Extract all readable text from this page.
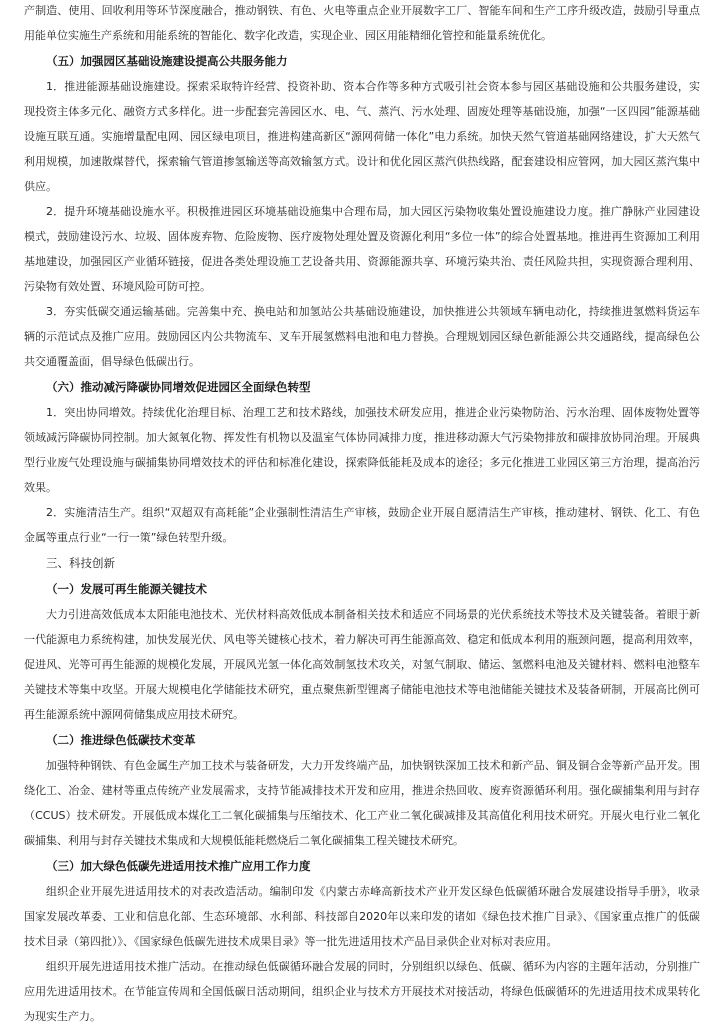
产制造、使用、回收利用等环节深度融合，推动钢铁、有色、火电等重点企业开展数字工厂、智能车间和生产工序升级改造，鼓励引导重点用能单位实施生产系统和用能系统的智能化、数字化改造，实现企业、园区用能精细化管控和能量系统优化。

（五）加强园区基础设施建设提高公共服务能力

1．推进能源基础设施建设。探索采取特许经营、投资补助、资本合作等多种方式吸引社会资本参与园区基础设施和公共服务建设，实现投资主体多元化、融资方式多样化。进一步配套完善园区水、电、气、蒸汽、污水处理、固废处理等基础设施，加强“一区四园”能源基础设施互联互通。实施增量配电网、园区绿电项目，推进构建高新区“源网荷储一体化”电力系统。加快天然气管道基础网络建设，扩大天然气利用规模，加速散煤替代，探索输气管道掺氢输送等高效输氢方式。设计和优化园区蒸汽供热线路，配套建设相应管网，加大园区蒸汽集中供应。

2．提升环境基础设施水平。积极推进园区环境基础设施集中合理布局，加大园区污染物收集处置设施建设力度。推广静脉产业园建设模式，鼓励建设污水、垃圾、固体废弃物、危险废物、医疗废物处理处置及资源化利用“多位一体”的综合处置基地。推进再生资源加工利用基地建设，加强园区产业循环链接，促进各类处理设施工艺设备共用、资源能源共享、环境污染共治、责任风险共担，实现资源合理利用、污染物有效处置、环境风险可防可控。

3．夯实低碳交通运输基础。完善集中充、换电站和加氢站公共基础设施建设，加快推进公共领域车辆电动化，持续推进氢燃料货运车辆的示范试点及推广应用。鼓励园区内公共物流车、叉车开展氢燃料电池和电力替换。合理规划园区绿色新能源公共交通路线，提高绿色公共交通覆盖面，倡导绿色低碳出行。

（六）推动减污降碳协同增效促进园区全面绿色转型

1．突出协同增效。持续优化治理目标、治理工艺和技术路线，加强技术研发应用，推进企业污染物防治、污水治理、固体废物处置等领域减污降碳协同控制。加大氮氧化物、挥发性有机物以及温室气体协同减排力度，推进移动源大气污染物排放和碳排放协同治理。开展典型行业废气处理设施与碳捕集协同增效技术的评估和标准化建设，探索降低能耗及成本的途径；多元化推进工业园区第三方治理，提高治污效果。

2．实施清洁生产。组织“双超双有高耗能”企业强制性清洁生产审核，鼓励企业开展自愿清洁生产审核，推动建材、钢铁、化工、有色金属等重点行业“一行一策”绿色转型升级。

三、科技创新

（一）发展可再生能源关键技术

大力引进高效低成本太阳能电池技术、光伏材料高效低成本制备相关技术和适应不同场景的光伏系统技术等技术及关键装备。着眼于新一代能源电力系统构建，加快发展光伏、风电等关键核心技术，着力解决可再生能源高效、稳定和低成本利用的瓶颈问题，提高利用效率，促进风、光等可再生能源的规模化发展，开展风光氢一体化高效制氢技术攻关，对氢气制取、储运、氢燃料电池及关键材料、燃料电池整车关键技术等集中攻坚。开展大规模电化学储能技术研究，重点聚焦新型锂离子储能电池技术等电池储能关键技术及装备研制，开展高比例可再生能源系统中源网荷储集成应用技术研究。

（二）推进绿色低碳技术变革

加强特种钢铁、有色金属生产加工技术与装备研发，大力开发终端产品，加快钢铁深加工技术和新产品、铜及铜合金等新产品开发。围绕化工、冶金、建材等重点传统产业发展需求，支持节能减排技术开发和应用，推进余热回收、废弃资源循环利用。强化碳捕集利用与封存（CCUS）技术研发。开展低成本煤化工二氧化碳捕集与压缩技术、化工产业二氧化碳减排及其高值化利用技术研究。开展火电行业二氧化碳捕集、利用与封存关键技术集成和大规模低能耗燃烧后二氧化碳捕集工程关键技术研究。

（三）加大绿色低碳先进适用技术推广应用工作力度

组织企业开展先进适用技术的对表改造活动。编制印发《内蒙古赤峰高新技术产业开发区绿色低碳循环融合发展建设指导手册》，收录国家发展改革委、工业和信息化部、生态环境部、水利部、科技部自2020年以来印发的诸如《绿色技术推广目录》、《国家重点推广的低碳技术目录（第四批）》、《国家绿色低碳先进技术成果目录》等一批先进适用技术产品目录供企业对标对表应用。

组织开展先进适用技术推广活动。在推动绿色低碳循环融合发展的同时，分别组织以绿色、低碳、循环为内容的主题年活动，分别推广应用先进适用技术。在节能宣传周和全国低碳日活动期间，组织企业与技术方开展技术对接活动，将绿色低碳循环的先进适用技术成果转化为现实生产力。
